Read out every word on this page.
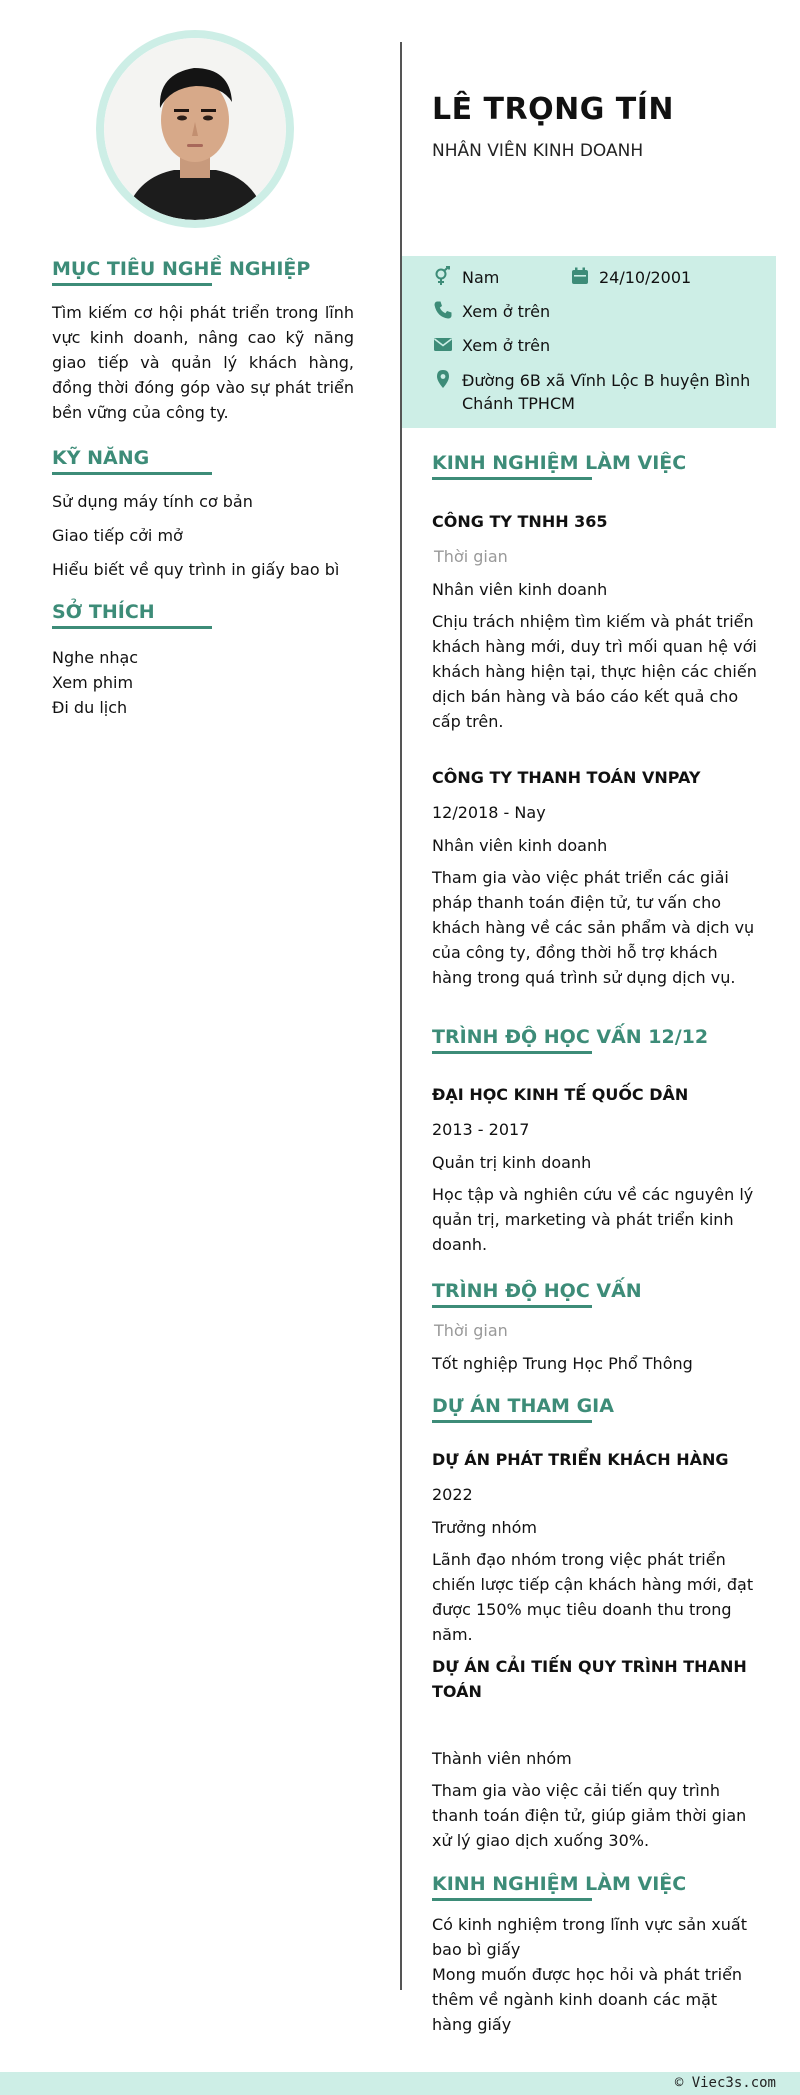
MỤC TIÊU NGHỀ NGHIỆP

Tìm kiếm cơ hội phát triển trong lĩnh vực kinh doanh, nâng cao kỹ năng giao tiếp và quản lý khách hàng, đồng thời đóng góp vào sự phát triển bền vững của công ty.

KỸ NĂNG
Sử dụng máy tính cơ bản
Giao tiếp cởi mở
Hiểu biết về quy trình in giấy bao bì
SỞ THÍCH
Nghe nhạc
Xem phim
Đi du lịch
LÊ TRỌNG TÍN
NHÂN VIÊN KINH DOANH
Nam	24/10/2001
Xem ở trên
Xem ở trên
Đường 6B xã Vĩnh Lộc B huyện Bình Chánh TPHCM
KINH NGHIỆM LÀM VIỆC
CÔNG TY TNHH 365
Thời gian
Nhân viên kinh doanh
Chịu trách nhiệm tìm kiếm và phát triển khách hàng mới, duy trì mối quan hệ với khách hàng hiện tại, thực hiện các chiến dịch bán hàng và báo cáo kết quả cho cấp trên.
CÔNG TY THANH TOÁN VNPAY
12/2018 - Nay
Nhân viên kinh doanh
Tham gia vào việc phát triển các giải pháp thanh toán điện tử, tư vấn cho khách hàng về các sản phẩm và dịch vụ của công ty, đồng thời hỗ trợ khách hàng trong quá trình sử dụng dịch vụ.
TRÌNH ĐỘ HỌC VẤN 12/12
ĐẠI HỌC KINH TẾ QUỐC DÂN
2013 - 2017
Quản trị kinh doanh
Học tập và nghiên cứu về các nguyên lý quản trị, marketing và phát triển kinh doanh.
TRÌNH ĐỘ HỌC VẤN
Thời gian
Tốt nghiệp Trung Học Phổ Thông
DỰ ÁN THAM GIA
DỰ ÁN PHÁT TRIỂN KHÁCH HÀNG
2022
Trưởng nhóm
Lãnh đạo nhóm trong việc phát triển chiến lược tiếp cận khách hàng mới, đạt được 150% mục tiêu doanh thu trong năm.
DỰ ÁN CẢI TIẾN QUY TRÌNH THANH TOÁN
Thành viên nhóm
Tham gia vào việc cải tiến quy trình thanh toán điện tử, giúp giảm thời gian xử lý giao dịch xuống 30%.
KINH NGHIỆM LÀM VIỆC
Có kinh nghiệm trong lĩnh vực sản xuất bao bì giấy
Mong muốn được học hỏi và phát triển thêm về ngành kinh doanh các mặt hàng giấy
© Viec3s.com
